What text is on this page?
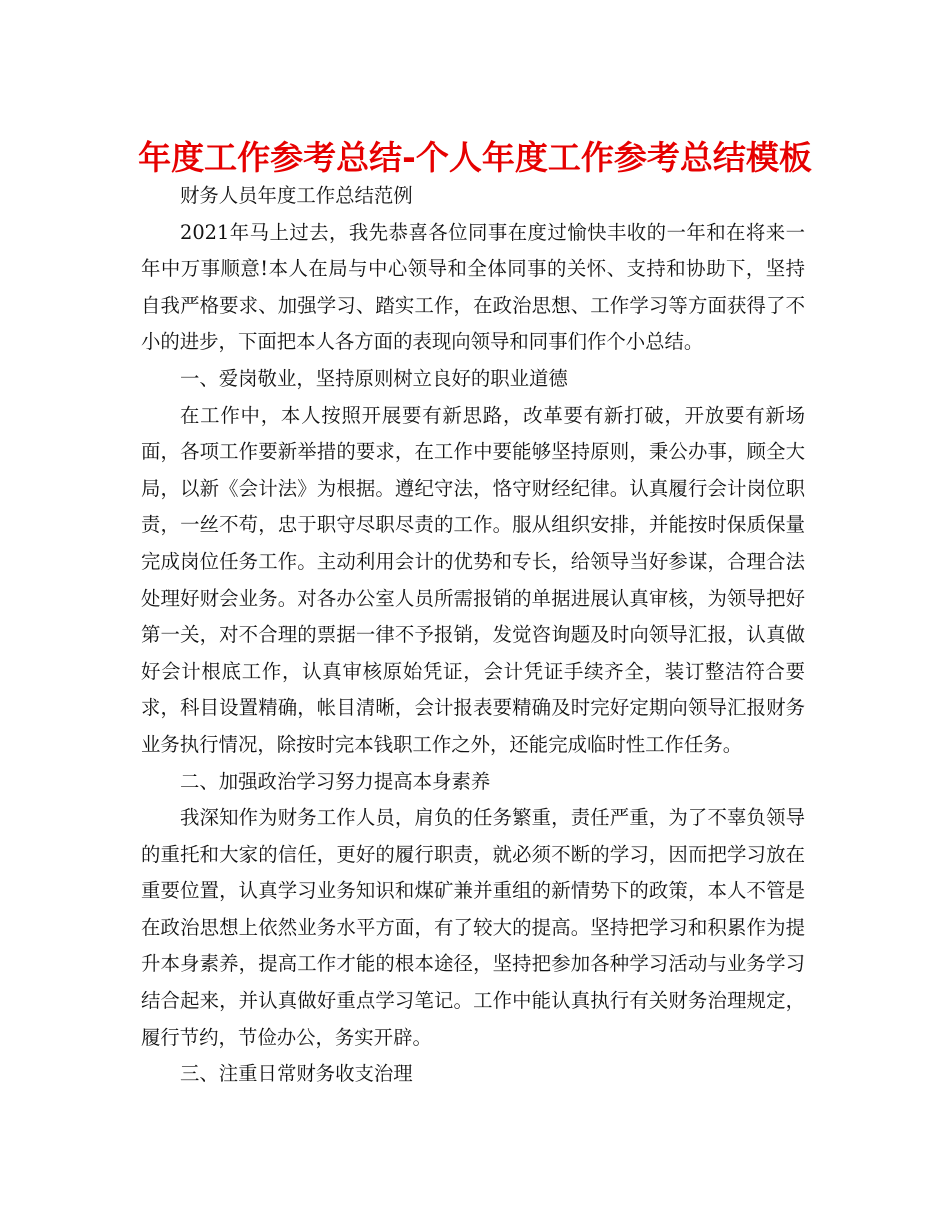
年度工作参考总结-个人年度工作参考总结模板

财务人员年度工作总结范例

2021年马上过去，我先恭喜各位同事在度过愉快丰收的一年和在将来一年中万事顺意!本人在局与中心领导和全体同事的关怀、支持和协助下，坚持自我严格要求、加强学习、踏实工作，在政治思想、工作学习等方面获得了不小的进步，下面把本人各方面的表现向领导和同事们作个小总结。

一、爱岗敬业，坚持原则树立良好的职业道德

在工作中，本人按照开展要有新思路，改革要有新打破，开放要有新场面，各项工作要新举措的要求，在工作中要能够坚持原则，秉公办事，顾全大局，以新《会计法》为根据。遵纪守法，恪守财经纪律。认真履行会计岗位职责，一丝不苟，忠于职守尽职尽责的工作。服从组织安排，并能按时保质保量完成岗位任务工作。主动利用会计的优势和专长，给领导当好参谋，合理合法处理好财会业务。对各办公室人员所需报销的单据进展认真审核，为领导把好第一关，对不合理的票据一律不予报销，发觉咨询题及时向领导汇报，认真做好会计根底工作，认真审核原始凭证，会计凭证手续齐全，装订整洁符合要求，科目设置精确，帐目清晰，会计报表要精确及时完好定期向领导汇报财务业务执行情况，除按时完本钱职工作之外，还能完成临时性工作任务。

二、加强政治学习努力提高本身素养

我深知作为财务工作人员，肩负的任务繁重，责任严重，为了不辜负领导的重托和大家的信任，更好的履行职责，就必须不断的学习，因而把学习放在重要位置，认真学习业务知识和煤矿兼并重组的新情势下的政策，本人不管是在政治思想上依然业务水平方面，有了较大的提高。坚持把学习和积累作为提升本身素养，提高工作才能的根本途径，坚持把参加各种学习活动与业务学习结合起来，并认真做好重点学习笔记。工作中能认真执行有关财务治理规定，履行节约，节俭办公，务实开辟。

三、注重日常财务收支治理
